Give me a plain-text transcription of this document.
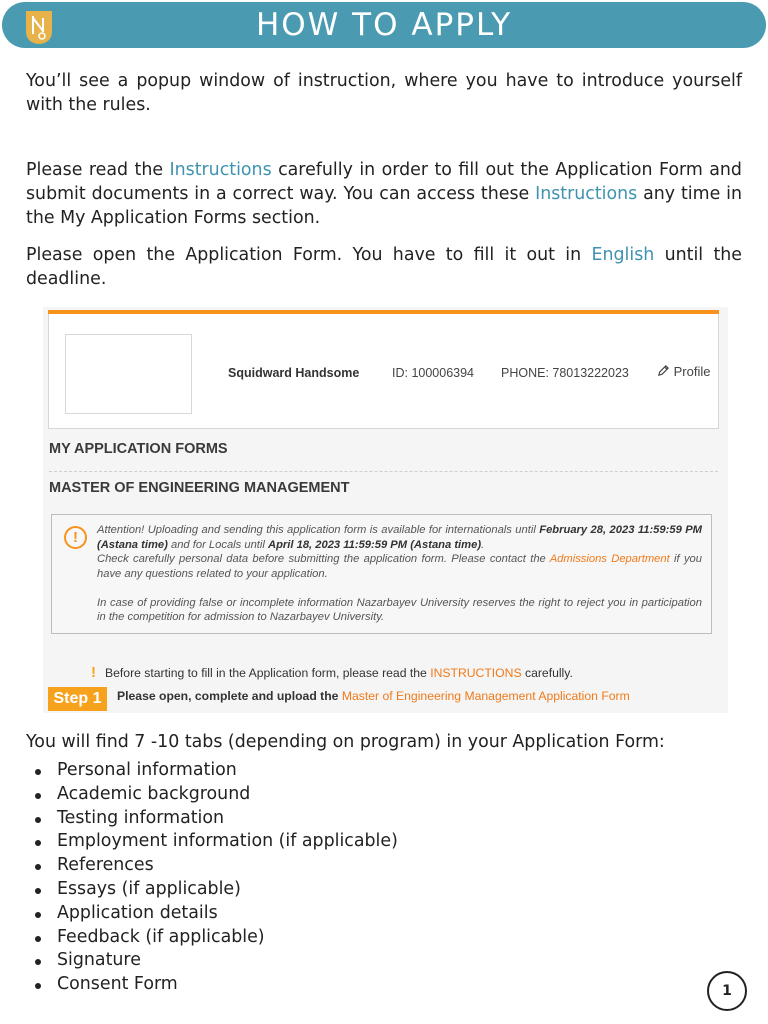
HOW TO APPLY

You’ll see a popup window of instruction, where you have to introduce yourself with the rules.

Please read the Instructions carefully in order to fill out the Application Form and submit documents in a correct way. You can access these Instructions any time in the My Application Forms section.

Please open the Application Form. You have to fill it out in English until the deadline.

Squidward Handsome	ID: 100006394 PHONE: 78013222023	Profile
MY APPLICATION FORMS
MASTER OF ENGINEERING MANAGEMENT
!	Attention! Uploading and sending this application form is available for internationals until February 28, 2023 11:59:59 PM (Astana time) and for Locals until April 18, 2023 11:59:59 PM (Astana time).
Check carefully personal data before submitting the application form. Please contact the Admissions Department if you have any questions related to your application.

In case of providing false or incomplete information Nazarbayev University reserves the right to reject you in participation in the competition for admission to Nazarbayev University.

! Before starting to fill in the Application form, please read the INSTRUCTIONS carefully.
Step 1	Please open, complete and upload the Master of Engineering Management Application Form

You will find 7 -10 tabs (depending on program) in your Application Form:

Personal information
Academic background
Testing information
Employment information (if applicable)
References
Essays (if applicable)
Application details
Feedback (if applicable)
Signature
Consent Form	1
